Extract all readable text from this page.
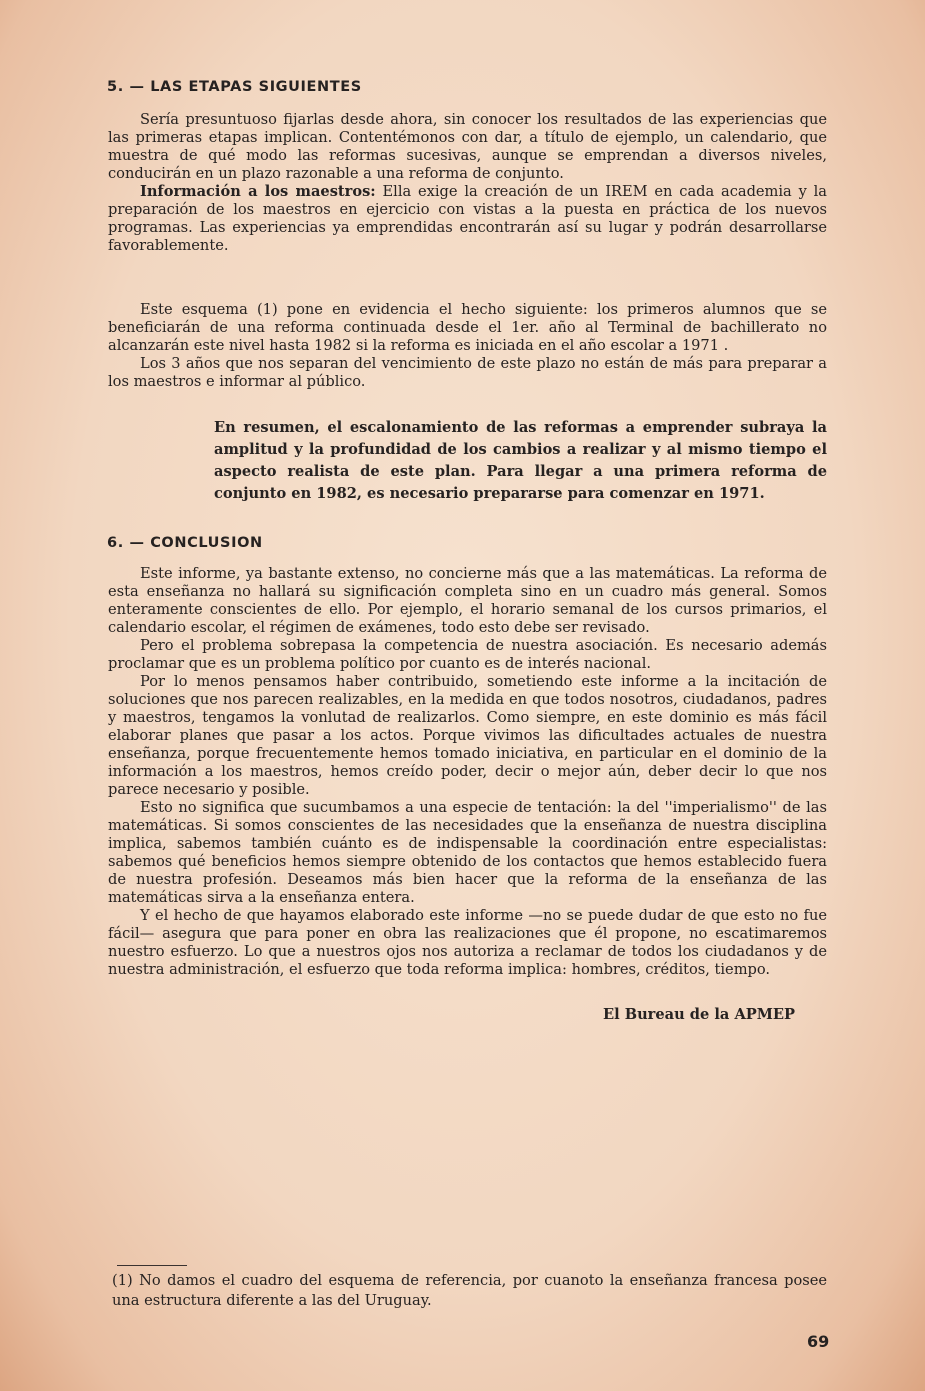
5. — LAS ETAPAS SIGUIENTES

Sería presuntuoso fijarlas desde ahora, sin conocer los resultados de las experiencias que las primeras etapas implican. Contentémonos con dar, a título de ejemplo, un calendario, que muestra de qué modo las reformas sucesivas, aunque se emprendan a diversos niveles, conducirán en un plazo razonable a una reforma de conjunto.

Información a los maestros: Ella exige la creación de un IREM en cada academia y la preparación de los maestros en ejercicio con vistas a la puesta en práctica de los nuevos programas. Las experiencias ya emprendidas encontrarán así su lugar y podrán desarrollarse favorablemente.

Este esquema (1) pone en evidencia el hecho siguiente: los primeros alumnos que se beneficiarán de una reforma continuada desde el 1er. año al Terminal de bachillerato no alcanzarán este nivel hasta 1982 si la reforma es iniciada en el año escolar a 1971 .

Los 3 años que nos separan del vencimiento de este plazo no están de más para preparar a los maestros e informar al público.

En resumen, el escalonamiento de las reformas a emprender subraya la amplitud y la profundidad de los cambios a realizar y al mismo tiempo el aspecto realista de este plan. Para llegar a una primera reforma de conjunto en 1982, es necesario prepararse para comenzar en 1971.
6. — CONCLUSION

Este informe, ya bastante extenso, no concierne más que a las matemáticas. La reforma de esta enseñanza no hallará su significación completa sino en un cuadro más general. Somos enteramente conscientes de ello. Por ejemplo, el horario semanal de los cursos primarios, el calendario escolar, el régimen de exámenes, todo esto debe ser revisado.

Pero el problema sobrepasa la competencia de nuestra asociación. Es necesario además proclamar que es un problema político por cuanto es de interés nacional.

Por lo menos pensamos haber contribuido, sometiendo este informe a la incitación de soluciones que nos parecen realizables, en la medida en que todos nosotros, ciudadanos, padres y maestros, tengamos la vonlutad de realizarlos. Como siempre, en este dominio es más fácil elaborar planes que pasar a los actos. Porque vivimos las dificultades actuales de nuestra enseñanza, porque frecuentemente hemos tomado iniciativa, en particular en el dominio de la información a los maestros, hemos creído poder, decir o mejor aún, deber decir lo que nos parece necesario y posible.

Esto no significa que sucumbamos a una especie de tentación: la del ''imperialismo'' de las matemáticas. Si somos conscientes de las necesidades que la enseñanza de nuestra disciplina implica, sabemos también cuánto es de indispensable la coordinación entre especialistas: sabemos qué beneficios hemos siempre obtenido de los contactos que hemos establecido fuera de nuestra profesión. Deseamos más bien hacer que la reforma de la enseñanza de las matemáticas sirva a la enseñanza entera.

Y el hecho de que hayamos elaborado este informe —no se puede dudar de que esto no fue fácil— asegura que para poner en obra las realizaciones que él propone, no escatimaremos nuestro esfuerzo. Lo que a nuestros ojos nos autoriza a reclamar de todos los ciudadanos y de nuestra administración, el esfuerzo que toda reforma implica: hombres, créditos, tiempo.

El Bureau de la APMEP
(1) No damos el cuadro del esquema de referencia, por cuanoto la enseñanza francesa posee una estructura diferente a las del Uruguay.
69
